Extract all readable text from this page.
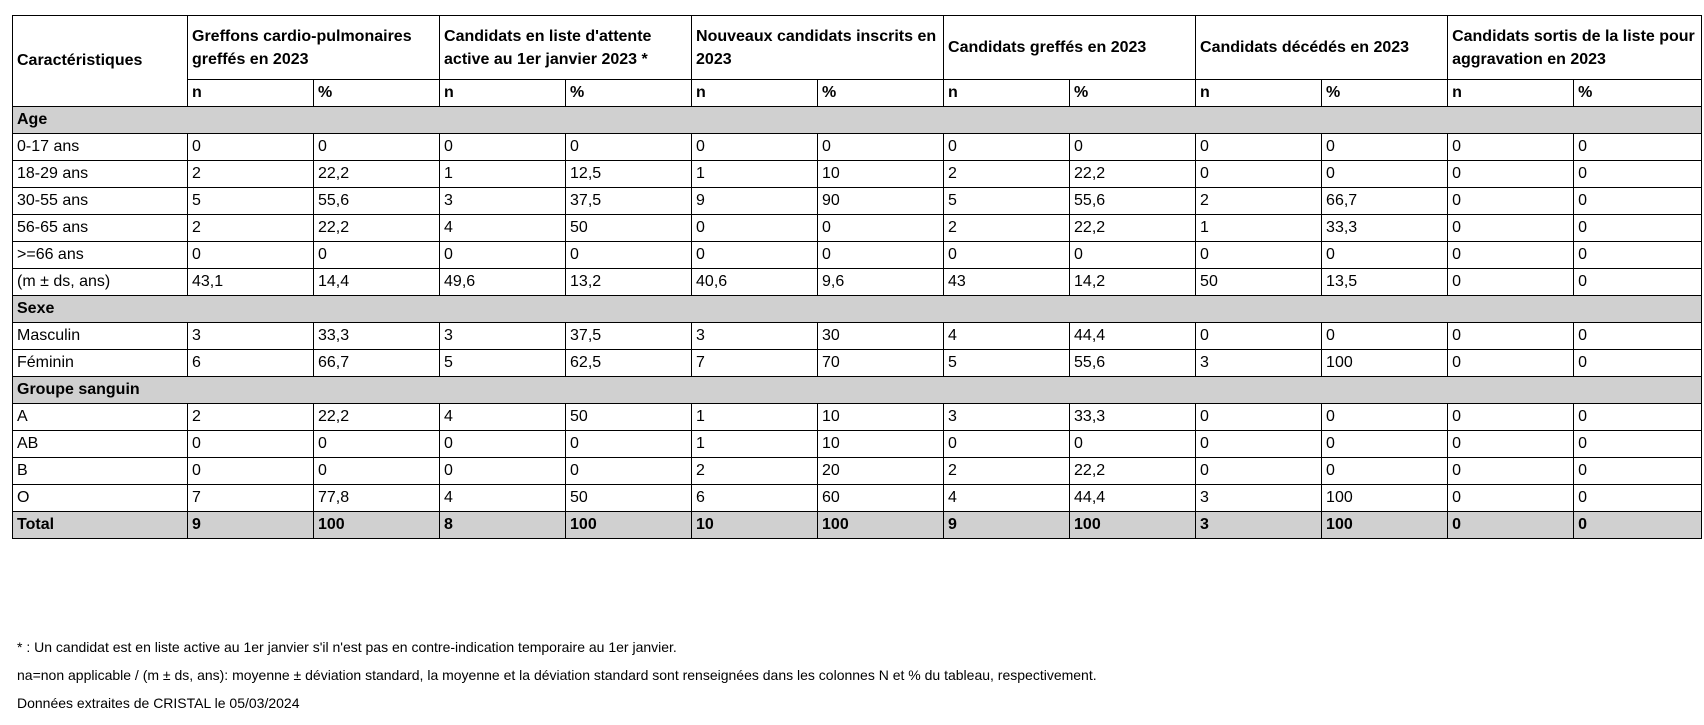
Caractéristiques	Greffons cardio-pulmonaires greffés en 2023		Candidats en liste d'attente active au 1er janvier 2023 *		Nouveaux candidats inscrits en 2023		Candidats greffés en 2023		Candidats décédés en 2023		Candidats sortis de la liste pour aggravation en 2023	
	n	%	n	%	n	%	n	%	n	%	n	%
Age												
0-17 ans	0	0	0	0	0	0	0	0	0	0	0	0
18-29 ans	2	22,2	1	12,5	1	10	2	22,2	0	0	0	0
30-55 ans	5	55,6	3	37,5	9	90	5	55,6	2	66,7	0	0
56-65 ans	2	22,2	4	50	0	0	2	22,2	1	33,3	0	0
>=66 ans	0	0	0	0	0	0	0	0	0	0	0	0
(m ± ds, ans)	43,1	14,4	49,6	13,2	40,6	9,6	43	14,2	50	13,5	0	0
Sexe												
Masculin	3	33,3	3	37,5	3	30	4	44,4	0	0	0	0
Féminin	6	66,7	5	62,5	7	70	5	55,6	3	100	0	0
Groupe sanguin												
A	2	22,2	4	50	1	10	3	33,3	0	0	0	0
AB	0	0	0	0	1	10	0	0	0	0	0	0
B	0	0	0	0	2	20	2	22,2	0	0	0	0
O	7	77,8	4	50	6	60	4	44,4	3	100	0	0
Total	9	100	8	100	10	100	9	100	3	100	0	0
* : Un candidat est en liste active au 1er janvier s'il n'est pas en contre-indication temporaire au 1er janvier.
na=non applicable / (m ± ds, ans): moyenne ± déviation standard, la moyenne et la déviation standard sont renseignées dans les colonnes N et % du tableau, respectivement.
Données extraites de CRISTAL le 05/03/2024
